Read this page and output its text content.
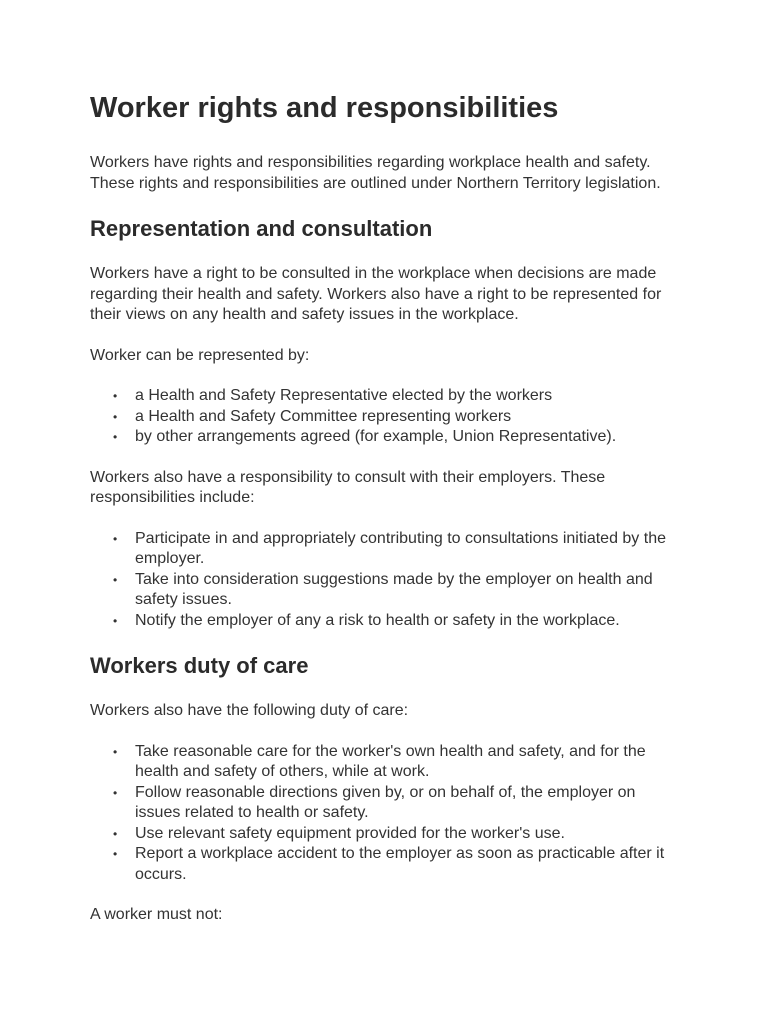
Worker rights and responsibilities

Workers have rights and responsibilities regarding workplace health and safety. These rights and responsibilities are outlined under Northern Territory legislation.

Representation and consultation

Workers have a right to be consulted in the workplace when decisions are made regarding their health and safety. Workers also have a right to be represented for their views on any health and safety issues in the workplace.

Worker can be represented by:

• a Health and Safety Representative elected by the workers
• a Health and Safety Committee representing workers
• by other arrangements agreed (for example, Union Representative).

Workers also have a responsibility to consult with their employers. These responsibilities include:

• Participate in and appropriately contributing to consultations initiated by the employer.
• Take into consideration suggestions made by the employer on health and safety issues.
• Notify the employer of any a risk to health or safety in the workplace.
Workers duty of care

Workers also have the following duty of care:

• Take reasonable care for the worker's own health and safety, and for the health and safety of others, while at work.
• Follow reasonable directions given by, or on behalf of, the employer on issues related to health or safety.
• Use relevant safety equipment provided for the worker's use.
• Report a workplace accident to the employer as soon as practicable after it occurs.

A worker must not:
